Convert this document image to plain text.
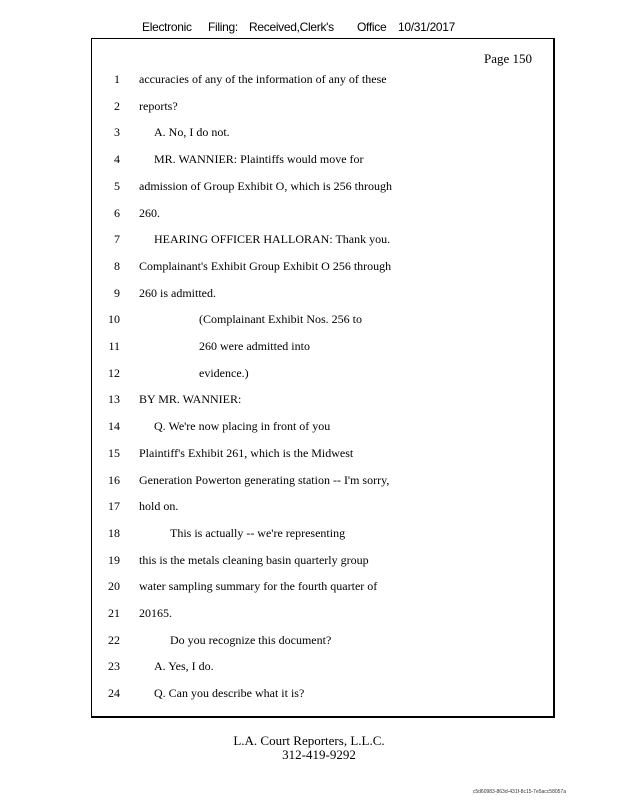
Electronic Filing: Received,Clerk's Office 10/31/2017
Page 150
1 accuracies of any of the information of any of these
2 reports?
3	A. No, I do not.
4	MR. WANNIER: Plaintiffs would move for
5 admission of Group Exhibit O, which is 256 through
6 260.
7	HEARING OFFICER HALLORAN: Thank you.
8 Complainant's Exhibit Group Exhibit O 256 through
9 260 is admitted.
10	(Complainant Exhibit Nos. 256 to
11	260 were admitted into
12	evidence.)
13 BY MR. WANNIER:
14	Q. We're now placing in front of you
15 Plaintiff's Exhibit 261, which is the Midwest
16 Generation Powerton generating station -- I'm sorry,
17 hold on.
18	This is actually -- we're representing
19 this is the metals cleaning basin quarterly group
20 water sampling summary for the fourth quarter of
21 20165.
22	Do you recognize this document?
23	A. Yes, I do.
24	Q. Can you describe what it is?
L.A. Court Reporters, L.L.C.
312-419-9292
c5d60983-863d-431f-8c15-7e5acc58057a
